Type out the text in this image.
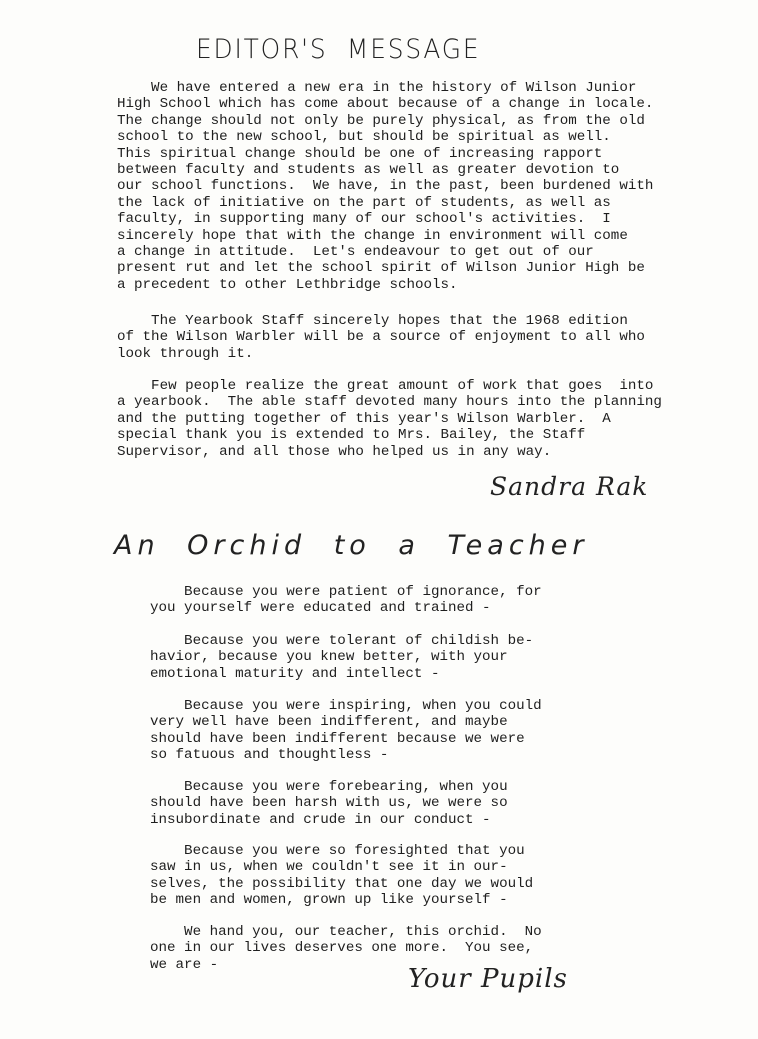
EDITOR'S  MESSAGE
We have entered a new era in the history of Wilson Junior
High School which has come about because of a change in locale.
The change should not only be purely physical, as from the old
school to the new school, but should be spiritual as well.
This spiritual change should be one of increasing rapport
between faculty and students as well as greater devotion to
our school functions.  We have, in the past, been burdened with
the lack of initiative on the part of students, as well as
faculty, in supporting many of our school's activities.  I
sincerely hope that with the change in environment will come
a change in attitude.  Let's endeavour to get out of our
present rut and let the school spirit of Wilson Junior High be
a precedent to other Lethbridge schools.
The Yearbook Staff sincerely hopes that the 1968 edition
of the Wilson Warbler will be a source of enjoyment to all who
look through it.
Few people realize the great amount of work that goes  into
a yearbook.  The able staff devoted many hours into the planning
and the putting together of this year's Wilson Warbler.  A
special thank you is extended to Mrs. Bailey, the Staff
Supervisor, and all those who helped us in any way.
Sandra Rak
An Orchid to a Teacher
Because you were patient of ignorance, for
you yourself were educated and trained -
Because you were tolerant of childish be-
havior, because you knew better, with your
emotional maturity and intellect -
Because you were inspiring, when you could
very well have been indifferent, and maybe
should have been indifferent because we were
so fatuous and thoughtless -
Because you were forebearing, when you
should have been harsh with us, we were so
insubordinate and crude in our conduct -
Because you were so foresighted that you
saw in us, when we couldn't see it in our-
selves, the possibility that one day we would
be men and women, grown up like yourself -
We hand you, our teacher, this orchid.  No
one in our lives deserves one more.  You see,
we are -	Your Pupils
